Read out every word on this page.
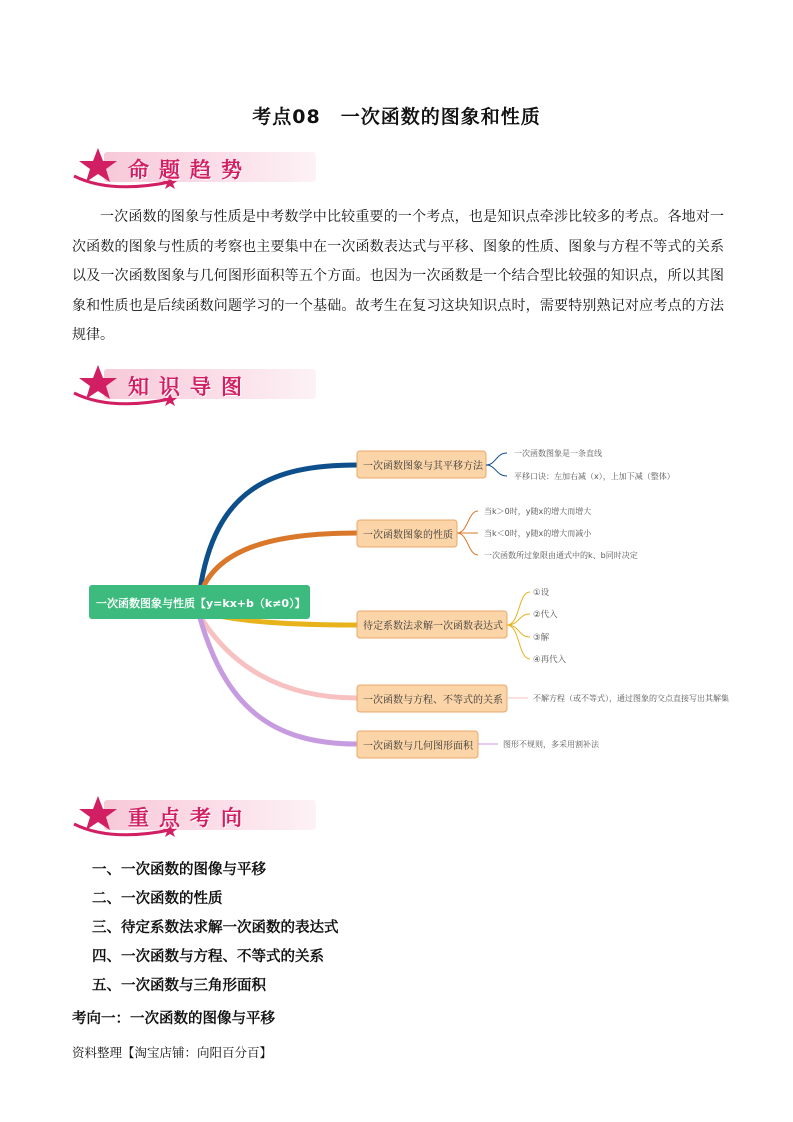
考点08　一次函数的图象和性质
命题趋势
一次函数的图象与性质是中考数学中比较重要的一个考点，也是知识点牵涉比较多的考点。各地对一次函数的图象与性质的考察也主要集中在一次函数表达式与平移、图象的性质、图象与方程不等式的关系以及一次函数图象与几何图形面积等五个方面。也因为一次函数是一个结合型比较强的知识点，所以其图象和性质也是后续函数问题学习的一个基础。故考生在复习这块知识点时，需要特别熟记对应考点的方法规律。
知识导图
一次函数图象与性质【y=kx+b（k≠0）】
一次函数图象与其平移方法
一次函数图象的性质
待定系数法求解一次函数表达式
一次函数与方程、不等式的关系
一次函数与几何图形面积
一次函数图象是一条直线
平移口诀：左加右减（x），上加下减（整体）
当k＞0时，y随x的增大而增大
当k＜0时，y随x的增大而减小
一次函数所过象限由通式中的k、b同时决定
①设
②代入
③解
④再代入
不解方程（或不等式），通过图象的交点直接写出其解集
图形不规则，多采用割补法
重点考向
一、一次函数的图像与平移
二、一次函数的性质
三、待定系数法求解一次函数的表达式
四、一次函数与方程、不等式的关系
五、一次函数与三角形面积
考向一：一次函数的图像与平移
资料整理【淘宝店铺：向阳百分百】
